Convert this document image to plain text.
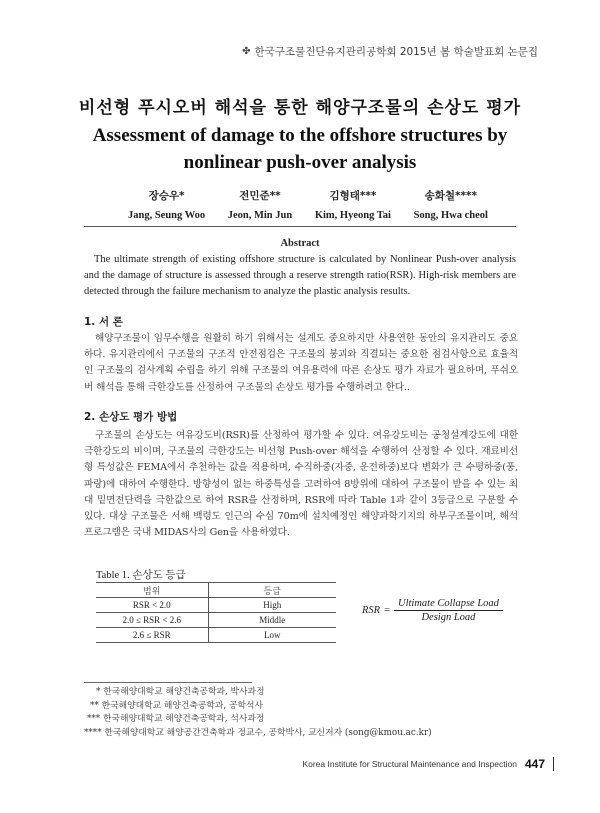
✤ 한국구조물진단유지관리공학회 2015년 봄 학술발표회 논문집
비선형 푸시오버 해석을 통한 해양구조물의 손상도 평가
Assessment of damage to the offshore structures by
nonlinear push-over analysis
장승우*
Jang, Seung Woo
전민준**
Jeon, Min Jun
김형태***
Kim, Hyeong Tai
송화철****
Song, Hwa cheol
Abstract
The ultimate strength of existing offshore structure is calculated by Nonlinear Push-over analysis and the damage of structure is assessed through a reserve strength ratio(RSR). High-risk members are detected through the failure mechanism to analyze the plastic analysis results.
1. 서 론
해양구조물이 임무수행을 원활히 하기 위해서는 설계도 중요하지만 사용연한 동안의 유지관리도 중요하다. 유지관리에서 구조물의 구조적 안전점검은 구조물의 붕괴와 직결되는 중요한 점검사항으로 효율적인 구조물의 검사계획 수립을 하기 위해 구조물의 여유용력에 따른 손상도 평가 자료가 필요하며, 푸쉬오버 해석을 통해 극한강도를 산정하여 구조물의 손상도 평가를 수행하려고 한다..
2. 손상도 평가 방법
구조물의 손상도는 여유강도비(RSR)를 산정하여 평가할 수 있다. 여유강도비는 공청설계강도에 대한 극한강도의 비이며, 구조물의 극한강도는 비선형 Push-over 해석을 수행하여 산정할 수 있다. 재료비선형 특성값은 FEMA에서 추천하는 값을 적용하며, 수직하중(자중, 운전하중)보다 변화가 큰 수평하중(풍, 파랑)에 대하여 수행한다. 방향성이 없는 하중특성을 고려하여 8방위에 대하여 구조물이 받을 수 있는 최대 밑면전단력을 극한값으로 하여 RSR을 산정하며, RSR에 따라 Table 1과 같이 3등급으로 구분할 수 있다. 대상 구조물은 서해 백령도 인근의 수심 70m에 설치예정인 해양과학기지의 하부구조물이며, 해석 프로그램은 국내 MIDAS사의 Gen을 사용하였다.
Table 1. 손상도 등급
범위	등급
RSR < 2.0	High
2.0 ≤ RSR < 2.6	Middle
2.6 ≤ RSR	Low
RSR = $\frac{\text{Ultimate Collapse Load}}{\text{Design Load}}$
* 한국해양대학교 해양건축공학과, 박사과정
** 한국해양대학교 해양건축공학과, 공학석사
*** 한국해양대학교 해양건축공학과, 석사과정
**** 한국해양대학교 해양공간건축학과 정교수, 공학박사, 교신저자 (song@kmou.ac.kr)
Korea Institute for Structural Maintenance and Inspection 447
